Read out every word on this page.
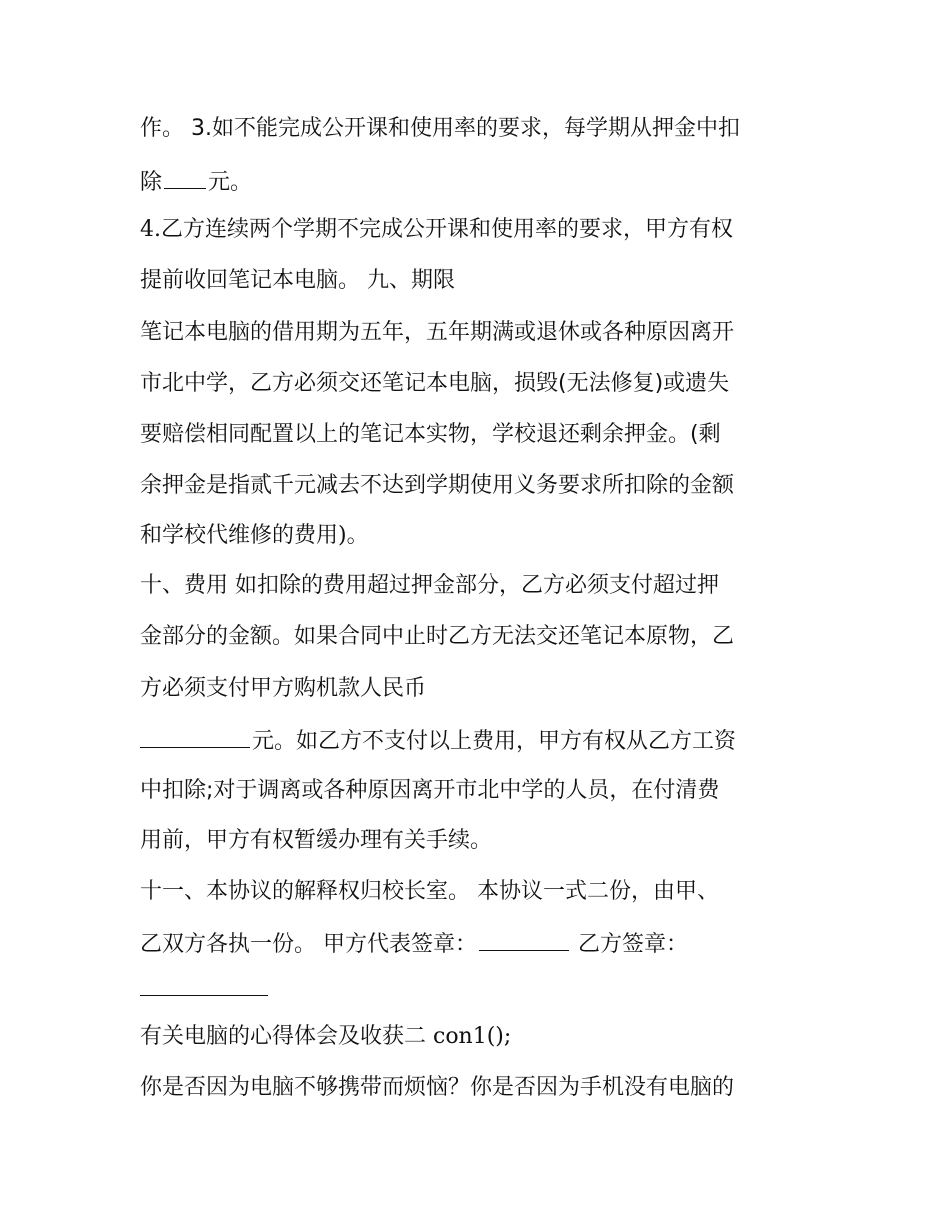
作。 3.如不能完成公开课和使用率的要求，每学期从押金中扣
除 元。
4.乙方连续两个学期不完成公开课和使用率的要求，甲方有权
提前收回笔记本电脑。 九、期限
笔记本电脑的借用期为五年，五年期满或退休或各种原因离开
市北中学，乙方必须交还笔记本电脑，损毁(无法修复)或遗失
要赔偿相同配置以上的笔记本实物，学校退还剩余押金。(剩
余押金是指贰千元减去不达到学期使用义务要求所扣除的金额
和学校代维修的费用)。
十、费用 如扣除的费用超过押金部分，乙方必须支付超过押
金部分的金额。如果合同中止时乙方无法交还笔记本原物，乙
方必须支付甲方购机款人民币
元。如乙方不支付以上费用，甲方有权从乙方工资
中扣除;对于调离或各种原因离开市北中学的人员，在付清费
用前，甲方有权暂缓办理有关手续。
十一、本协议的解释权归校长室。 本协议一式二份，由甲、
乙双方各执一份。 甲方代表签章：	乙方签章：
有关电脑的心得体会及收获二 con1();
你是否因为电脑不够携带而烦恼？你是否因为手机没有电脑的
